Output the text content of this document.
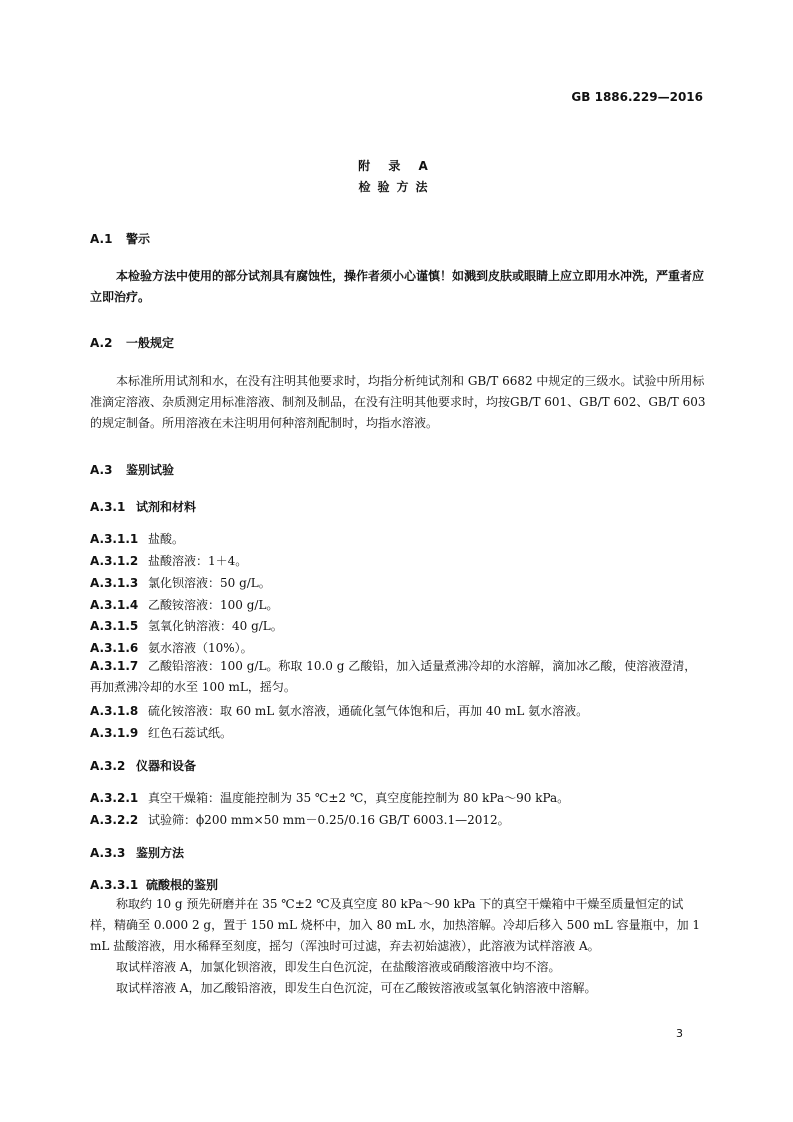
GB 1886.229—2016
附 录 A
检验方法
A.1 警示
本检验方法中使用的部分试剂具有腐蚀性，操作者须小心谨慎！如溅到皮肤或眼睛上应立即用水冲洗，严重者应立即治疗。
A.2 一般规定
本标准所用试剂和水，在没有注明其他要求时，均指分析纯试剂和 GB/T 6682 中规定的三级水。试验中所用标准滴定溶液、杂质测定用标准溶液、制剂及制品，在没有注明其他要求时，均按GB/T 601、GB/T 602、GB/T 603 的规定制备。所用溶液在未注明用何种溶剂配制时，均指水溶液。
A.3 鉴别试验
A.3.1 试剂和材料
A.3.1.1 盐酸。
A.3.1.2 盐酸溶液：1＋4。
A.3.1.3 氯化钡溶液：50 g/L。
A.3.1.4 乙酸铵溶液：100 g/L。
A.3.1.5 氢氧化钠溶液：40 g/L。
A.3.1.6 氨水溶液（10%）。
A.3.1.7 乙酸铅溶液：100 g/L。称取 10.0 g 乙酸铅，加入适量煮沸冷却的水溶解，滴加冰乙酸，使溶液澄清，再加煮沸冷却的水至 100 mL，摇匀。
A.3.1.8 硫化铵溶液：取 60 mL 氨水溶液，通硫化氢气体饱和后，再加 40 mL 氨水溶液。
A.3.1.9 红色石蕊试纸。
A.3.2 仪器和设备
A.3.2.1 真空干燥箱：温度能控制为 35 ℃±2 ℃，真空度能控制为 80 kPa～90 kPa。
A.3.2.2 试验筛：ϕ200 mm×50 mm－0.25/0.16 GB/T 6003.1—2012。
A.3.3 鉴别方法
A.3.3.1 硫酸根的鉴别
称取约 10 g 预先研磨并在 35 ℃±2 ℃及真空度 80 kPa～90 kPa 下的真空干燥箱中干燥至质量恒定的试样，精确至 0.000 2 g，置于 150 mL 烧杯中，加入 80 mL 水，加热溶解。冷却后移入 500 mL 容量瓶中，加 1 mL 盐酸溶液，用水稀释至刻度，摇匀（浑浊时可过滤，弃去初始滤液），此溶液为试样溶液 A。
取试样溶液 A，加氯化钡溶液，即发生白色沉淀，在盐酸溶液或硝酸溶液中均不溶。
取试样溶液 A，加乙酸铅溶液，即发生白色沉淀，可在乙酸铵溶液或氢氧化钠溶液中溶解。
3
